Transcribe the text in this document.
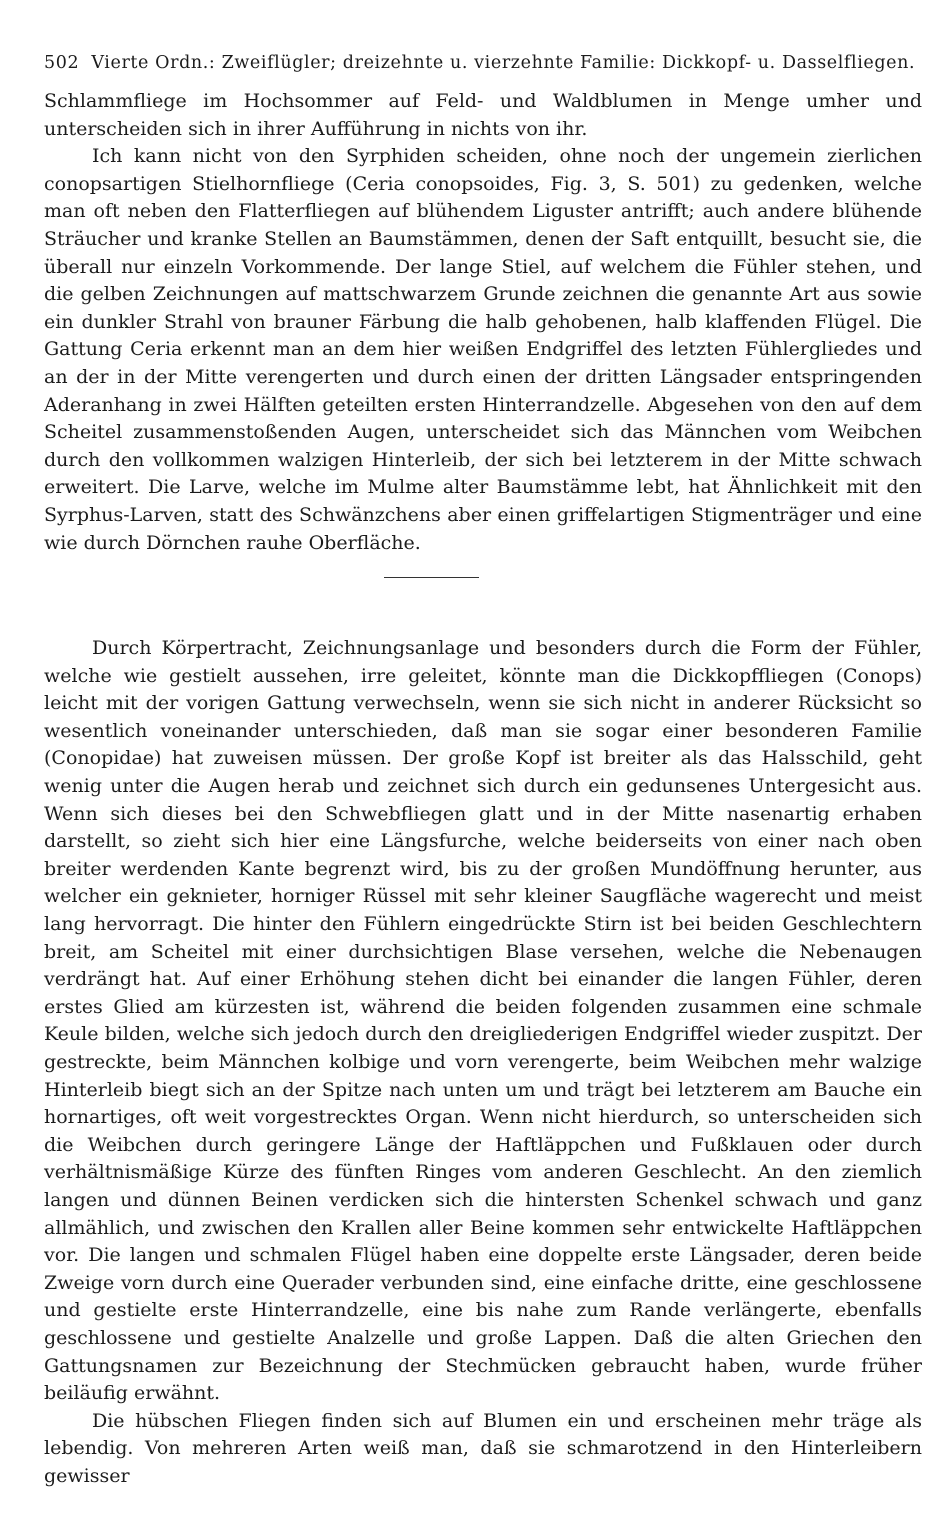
502 Vierte Ordn.: Zweiflügler; dreizehnte u. vierzehnte Familie: Dickkopf- u. Dasselfliegen.

Schlammfliege im Hochsommer auf Feld- und Waldblumen in Menge umher und unterscheiden sich in ihrer Aufführung in nichts von ihr.

Ich kann nicht von den Syrphiden scheiden, ohne noch der ungemein zierlichen conopsartigen Stielhornfliege (Ceria conopsoides, Fig. 3, S. 501) zu gedenken, welche man oft neben den Flatterfliegen auf blühendem Liguster antrifft; auch andere blühende Sträucher und kranke Stellen an Baumstämmen, denen der Saft entquillt, besucht sie, die überall nur einzeln Vorkommende. Der lange Stiel, auf welchem die Fühler stehen, und die gelben Zeichnungen auf mattschwarzem Grunde zeichnen die genannte Art aus sowie ein dunkler Strahl von brauner Färbung die halb gehobenen, halb klaffenden Flügel. Die Gattung Ceria erkennt man an dem hier weißen Endgriffel des letzten Fühlergliedes und an der in der Mitte verengerten und durch einen der dritten Längsader entspringenden Aderanhang in zwei Hälften geteilten ersten Hinterrandzelle. Abgesehen von den auf dem Scheitel zusammenstoßenden Augen, unterscheidet sich das Männchen vom Weibchen durch den vollkommen walzigen Hinterleib, der sich bei letzterem in der Mitte schwach erweitert. Die Larve, welche im Mulme alter Baumstämme lebt, hat Ähnlichkeit mit den Syrphus-Larven, statt des Schwänzchens aber einen griffelartigen Stigmenträger und eine wie durch Dörnchen rauhe Oberfläche.

Durch Körpertracht, Zeichnungsanlage und besonders durch die Form der Fühler, welche wie gestielt aussehen, irre geleitet, könnte man die Dickkopffliegen (Conops) leicht mit der vorigen Gattung verwechseln, wenn sie sich nicht in anderer Rücksicht so wesentlich voneinander unterschieden, daß man sie sogar einer besonderen Familie (Conopidae) hat zuweisen müssen. Der große Kopf ist breiter als das Halsschild, geht wenig unter die Augen herab und zeichnet sich durch ein gedunsenes Untergesicht aus. Wenn sich dieses bei den Schwebfliegen glatt und in der Mitte nasenartig erhaben darstellt, so zieht sich hier eine Längsfurche, welche beiderseits von einer nach oben breiter werdenden Kante begrenzt wird, bis zu der großen Mundöffnung herunter, aus welcher ein geknieter, horniger Rüssel mit sehr kleiner Saugfläche wagerecht und meist lang hervorragt. Die hinter den Fühlern eingedrückte Stirn ist bei beiden Geschlechtern breit, am Scheitel mit einer durchsichtigen Blase versehen, welche die Nebenaugen verdrängt hat. Auf einer Erhöhung stehen dicht bei einander die langen Fühler, deren erstes Glied am kürzesten ist, während die beiden folgenden zusammen eine schmale Keule bilden, welche sich jedoch durch den dreigliederigen Endgriffel wieder zuspitzt. Der gestreckte, beim Männchen kolbige und vorn verengerte, beim Weibchen mehr walzige Hinterleib biegt sich an der Spitze nach unten um und trägt bei letzterem am Bauche ein hornartiges, oft weit vorgestrecktes Organ. Wenn nicht hierdurch, so unterscheiden sich die Weibchen durch geringere Länge der Haftläppchen und Fußklauen oder durch verhältnismäßige Kürze des fünften Ringes vom anderen Geschlecht. An den ziemlich langen und dünnen Beinen verdicken sich die hintersten Schenkel schwach und ganz allmählich, und zwischen den Krallen aller Beine kommen sehr entwickelte Haftläppchen vor. Die langen und schmalen Flügel haben eine doppelte erste Längsader, deren beide Zweige vorn durch eine Querader verbunden sind, eine einfache dritte, eine geschlossene und gestielte erste Hinterrandzelle, eine bis nahe zum Rande verlängerte, ebenfalls geschlossene und gestielte Analzelle und große Lappen. Daß die alten Griechen den Gattungsnamen zur Bezeichnung der Stechmücken gebraucht haben, wurde früher beiläufig erwähnt.

Die hübschen Fliegen finden sich auf Blumen ein und erscheinen mehr träge als lebendig. Von mehreren Arten weiß man, daß sie schmarotzend in den Hinterleibern gewisser
